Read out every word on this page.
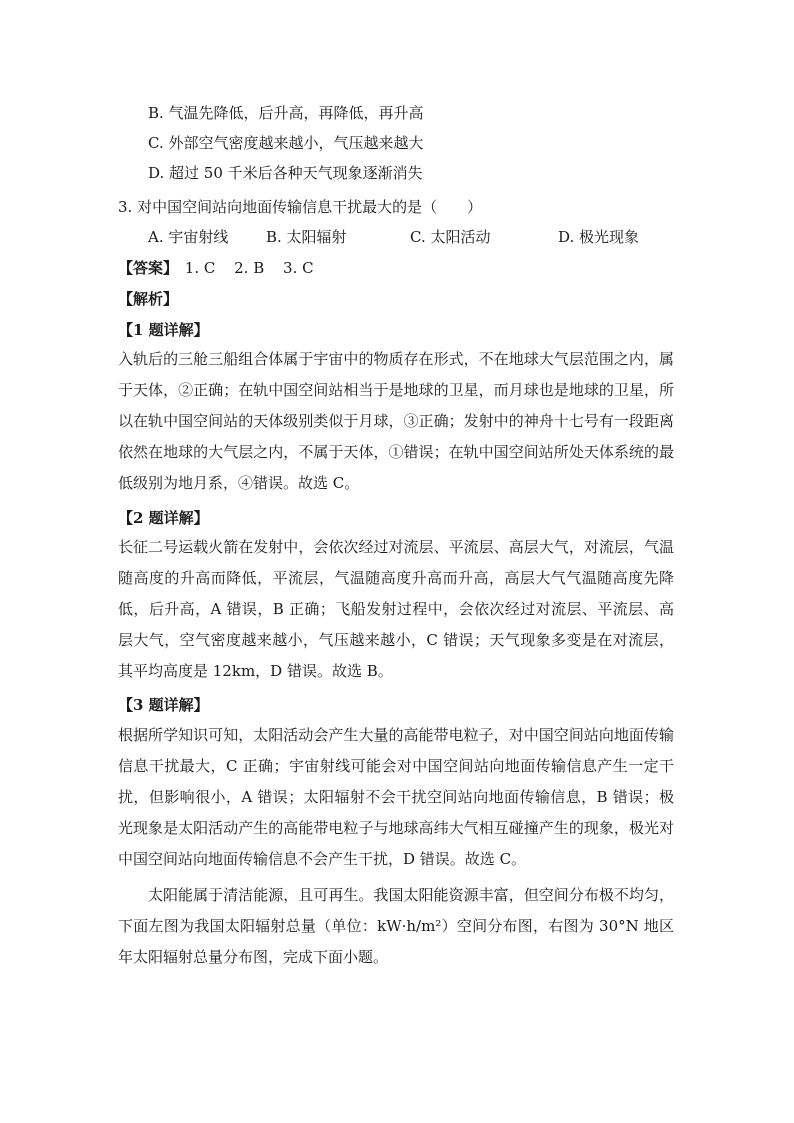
B. 气温先降低，后升高，再降低，再升高
C. 外部空气密度越来越小，气压越来越大
D. 超过 50 千米后各种天气现象逐渐消失
3. 对中国空间站向地面传输信息干扰最大的是（　　）
A. 宇宙射线	B. 太阳辐射	C. 太阳活动	D. 极光现象
【答案】 1. C 2. B 3. C
【解析】
【1 题详解】
入轨后的三舱三船组合体属于宇宙中的物质存在形式，不在地球大气层范围之内，属于天体，②正确；在轨中国空间站相当于是地球的卫星，而月球也是地球的卫星，所以在轨中国空间站的天体级别类似于月球，③正确；发射中的神舟十七号有一段距离依然在地球的大气层之内，不属于天体，①错误；在轨中国空间站所处天体系统的最低级别为地月系，④错误。故选 C。
【2 题详解】
长征二号运载火箭在发射中，会依次经过对流层、平流层、高层大气，对流层，气温随高度的升高而降低，平流层，气温随高度升高而升高，高层大气气温随高度先降低，后升高，A 错误，B 正确；飞船发射过程中，会依次经过对流层、平流层、高层大气，空气密度越来越小，气压越来越小，C 错误；天气现象多变是在对流层，其平均高度是 12km，D 错误。故选 B。
【3 题详解】
根据所学知识可知，太阳活动会产生大量的高能带电粒子，对中国空间站向地面传输信息干扰最大，C 正确；宇宙射线可能会对中国空间站向地面传输信息产生一定干扰，但影响很小，A 错误；太阳辐射不会干扰空间站向地面传输信息，B 错误；极光现象是太阳活动产生的高能带电粒子与地球高纬大气相互碰撞产生的现象，极光对中国空间站向地面传输信息不会产生干扰，D 错误。故选 C。
太阳能属于清洁能源，且可再生。我国太阳能资源丰富，但空间分布极不均匀，下面左图为我国太阳辐射总量（单位：kW·h/m²）空间分布图，右图为 30°N 地区年太阳辐射总量分布图，完成下面小题。
